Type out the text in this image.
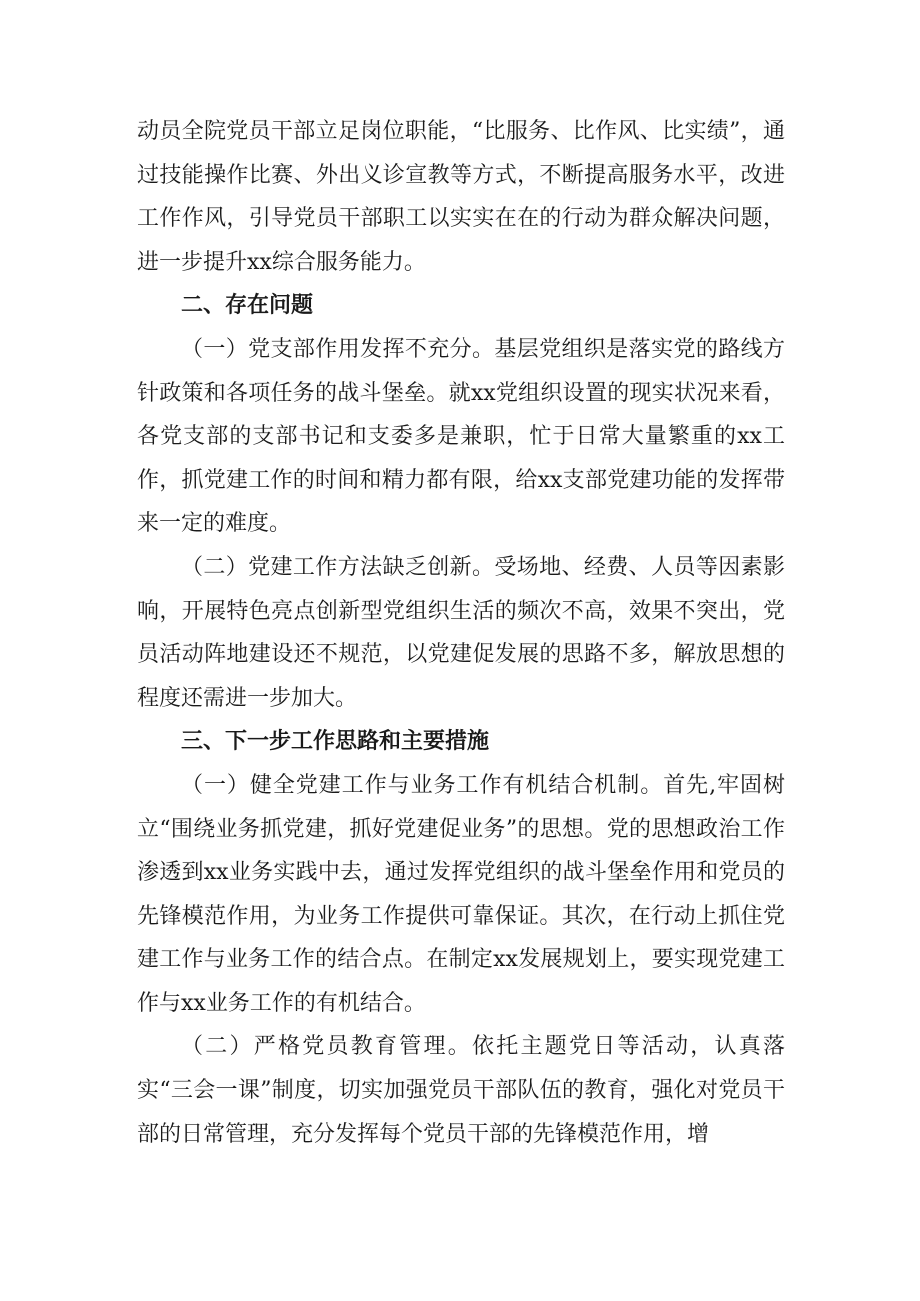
动员全院党员干部立足岗位职能，“比服务、比作风、比实绩”，通过技能操作比赛、外出义诊宣教等方式，不断提高服务水平，改进工作作风，引导党员干部职工以实实在在的行动为群众解决问题，进一步提升xx综合服务能力。

二、存在问题

（一）党支部作用发挥不充分。基层党组织是落实党的路线方针政策和各项任务的战斗堡垒。就xx党组织设置的现实状况来看，各党支部的支部书记和支委多是兼职，忙于日常大量繁重的xx工作，抓党建工作的时间和精力都有限，给xx支部党建功能的发挥带来一定的难度。

（二）党建工作方法缺乏创新。受场地、经费、人员等因素影响，开展特色亮点创新型党组织生活的频次不高，效果不突出，党员活动阵地建设还不规范，以党建促发展的思路不多，解放思想的程度还需进一步加大。

三、下一步工作思路和主要措施

（一）健全党建工作与业务工作有机结合机制。首先,牢固树立“围绕业务抓党建，抓好党建促业务”的思想。党的思想政治工作渗透到xx业务实践中去，通过发挥党组织的战斗堡垒作用和党员的先锋模范作用，为业务工作提供可靠保证。其次，在行动上抓住党建工作与业务工作的结合点。在制定xx发展规划上，要实现党建工作与xx业务工作的有机结合。

（二）严格党员教育管理。依托主题党日等活动，认真落实“三会一课”制度，切实加强党员干部队伍的教育，强化对党员干部的日常管理，充分发挥每个党员干部的先锋模范作用，增
